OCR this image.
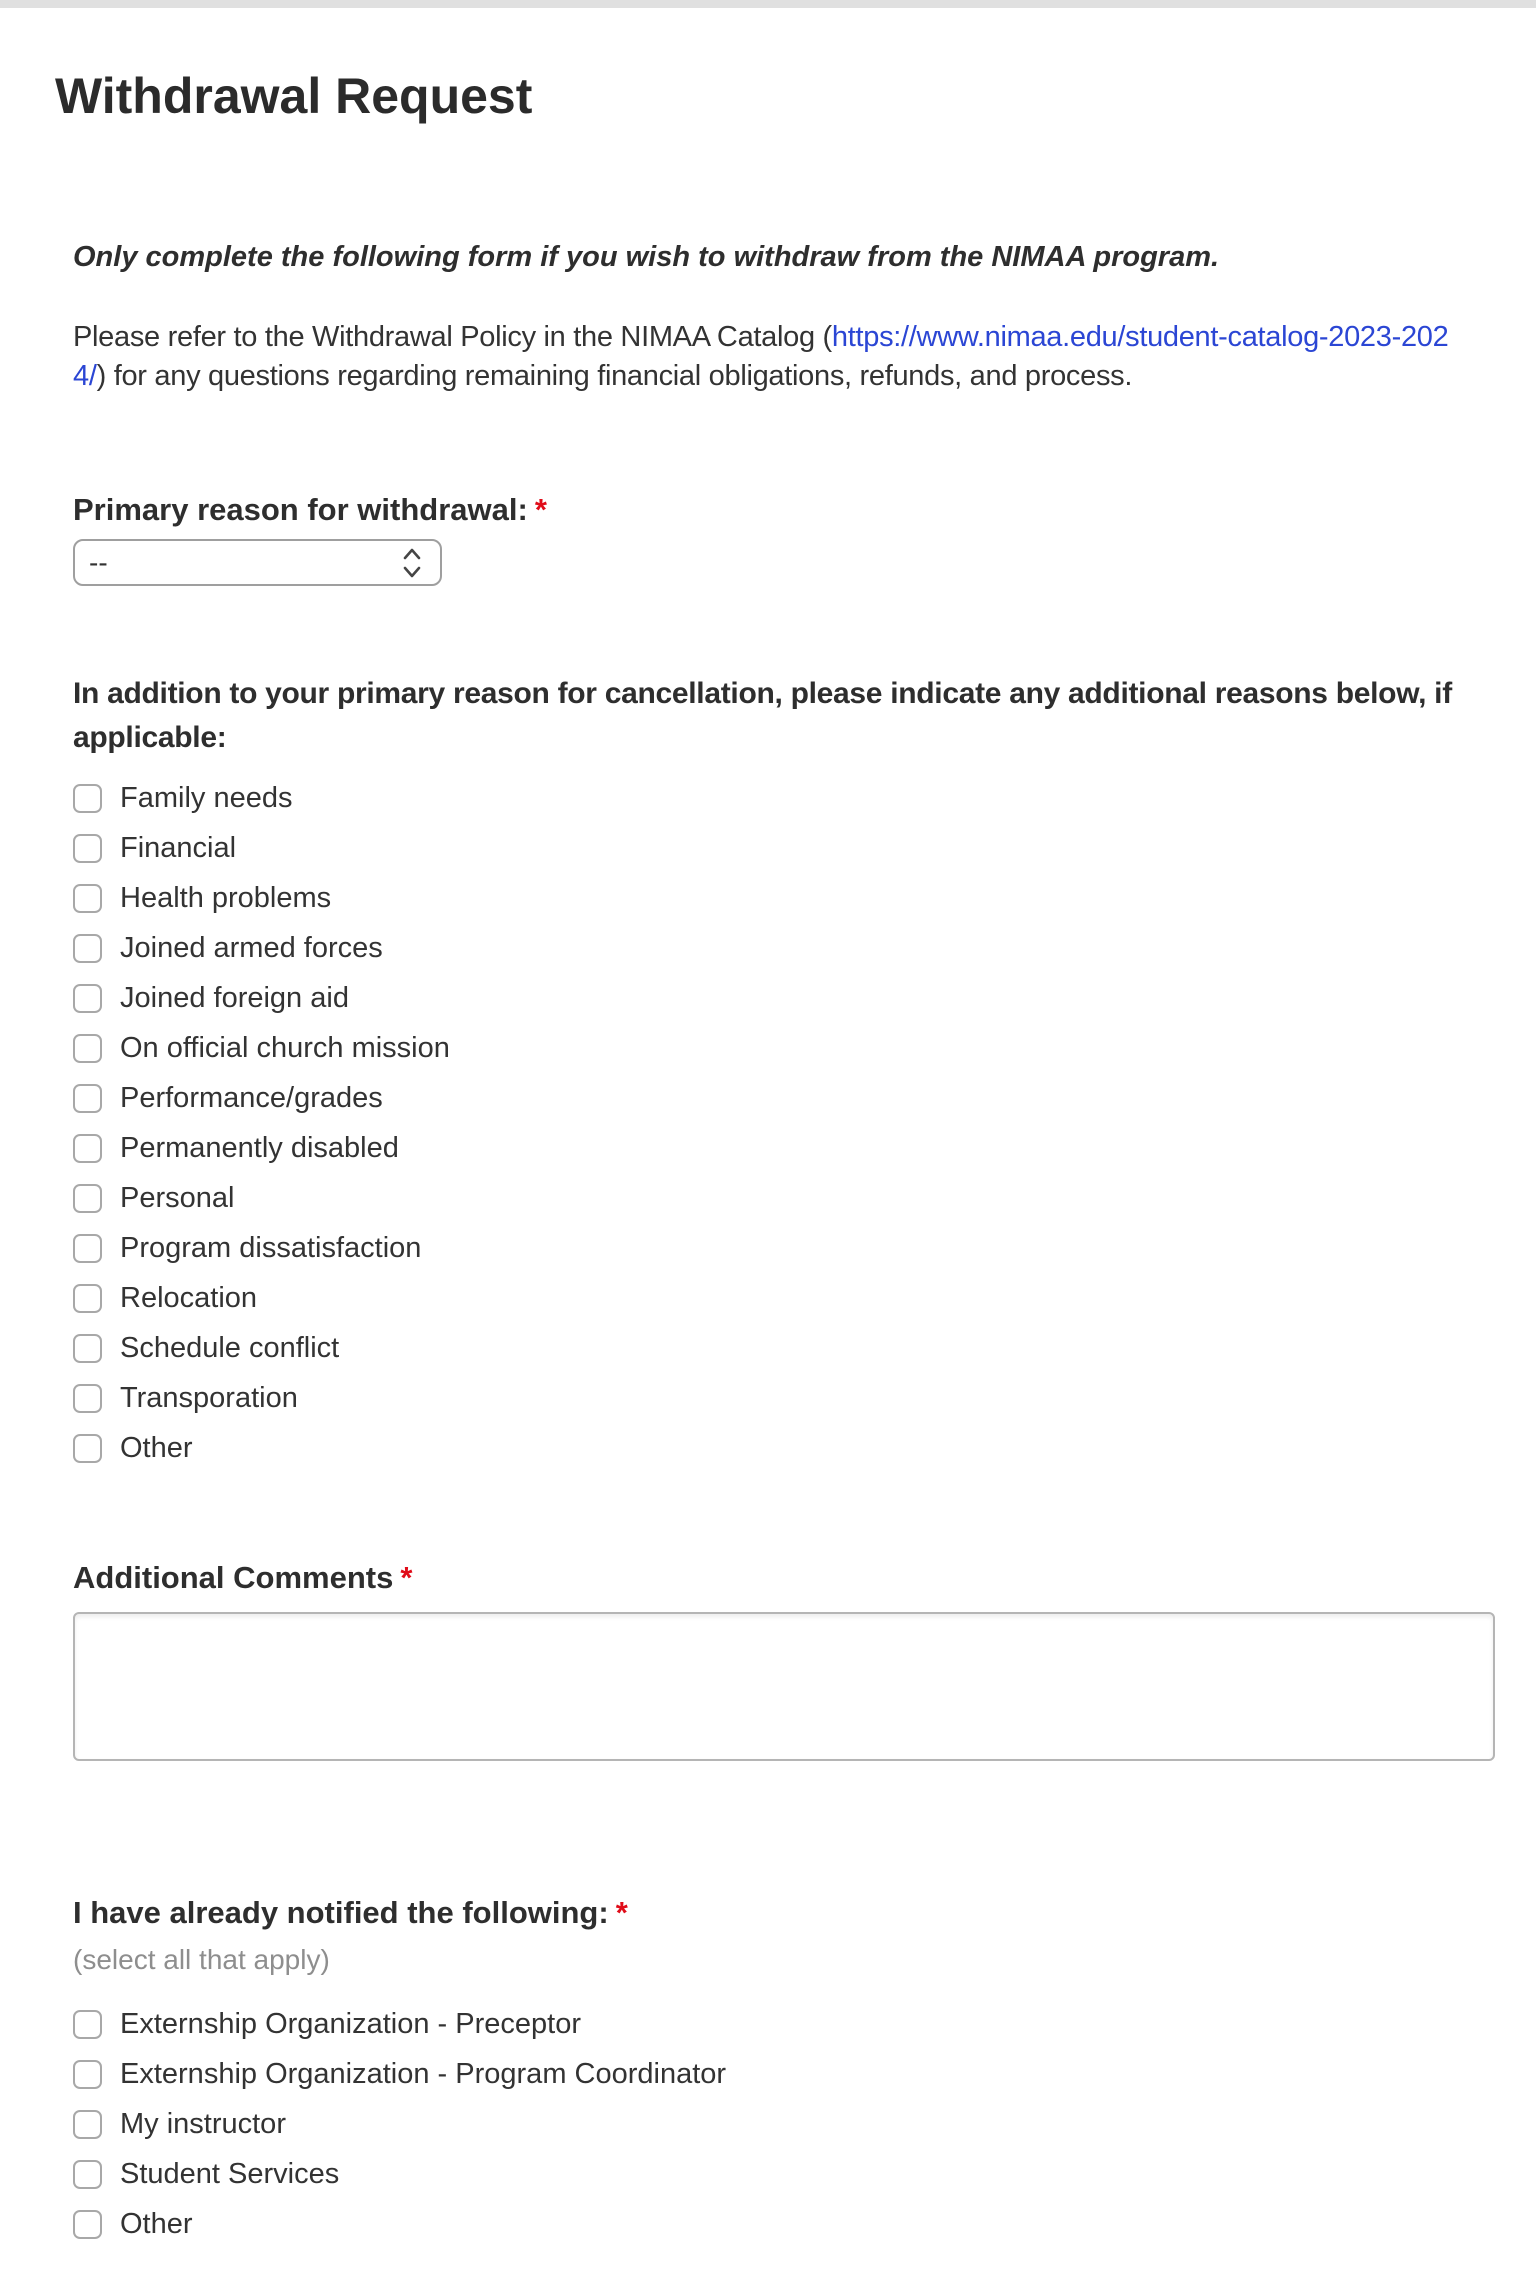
Withdrawal Request

Only complete the following form if you wish to withdraw from the NIMAA program.

Please refer to the Withdrawal Policy in the NIMAA Catalog (https://www.nimaa.edu/student-catalog-2023-202
4/) for any questions regarding remaining financial obligations, refunds, and process.

Primary reason for withdrawal: *
--
In addition to your primary reason for cancellation, please indicate any additional reasons below, if
applicable:
Family needs
Financial
Health problems
Joined armed forces
Joined foreign aid
On official church mission
Performance/grades
Permanently disabled
Personal
Program dissatisfaction
Relocation
Schedule conflict
Transporation
Other
Additional Comments *
I have already notified the following: *
(select all that apply)
Externship Organization - Preceptor
Externship Organization - Program Coordinator
My instructor
Student Services
Other
